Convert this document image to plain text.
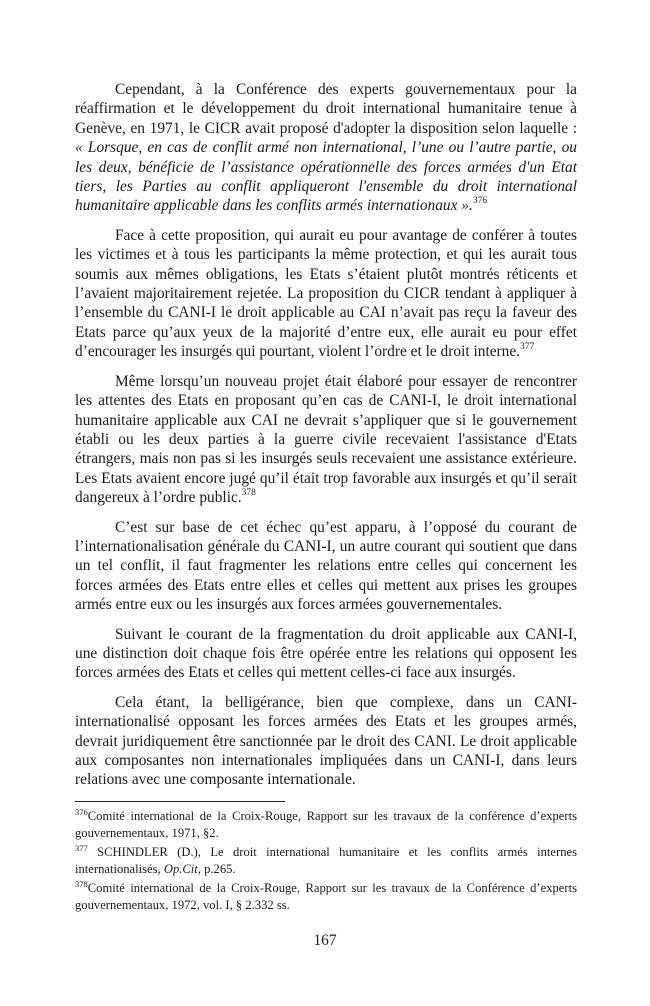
Cependant, à la Conférence des experts gouvernementaux pour la réaffirmation et le développement du droit international humanitaire tenue à Genève, en 1971, le CICR avait proposé d'adopter la disposition selon laquelle : « Lorsque, en cas de conflit armé non international, l’une ou l’autre partie, ou les deux, bénéficie de l’assistance opérationnelle des forces armées d'un Etat tiers, les Parties au conflit appliqueront l'ensemble du droit international humanitaire applicable dans les conflits armés internationaux ».$^{376}$

Face à cette proposition, qui aurait eu pour avantage de conférer à toutes les victimes et à tous les participants la même protection, et qui les aurait tous soumis aux mêmes obligations, les Etats s’étaient plutôt montrés réticents et l’avaient majoritairement rejetée. La proposition du CICR tendant à appliquer à l’ensemble du CANI-I le droit applicable au CAI n’avait pas reçu la faveur des Etats parce qu’aux yeux de la majorité d’entre eux, elle aurait eu pour effet d’encourager les insurgés qui pourtant, violent l’ordre et le droit interne.$^{377}$

Même lorsqu’un nouveau projet était élaboré pour essayer de rencontrer les attentes des Etats en proposant qu’en cas de CANI-I, le droit international humanitaire applicable aux CAI ne devrait s’appliquer que si le gouvernement établi ou les deux parties à la guerre civile recevaient l'assistance d'Etats étrangers, mais non pas si les insurgés seuls recevaient une assistance extérieure. Les Etats avaient encore jugé qu’il était trop favorable aux insurgés et qu’il serait dangereux à l’ordre public.$^{378}$

C’est sur base de cet échec qu’est apparu, à l’opposé du courant de l’internationalisation générale du CANI-I, un autre courant qui soutient que dans un tel conflit, il faut fragmenter les relations entre celles qui concernent les forces armées des Etats entre elles et celles qui mettent aux prises les groupes armés entre eux ou les insurgés aux forces armées gouvernementales.

Suivant le courant de la fragmentation du droit applicable aux CANI-I, une distinction doit chaque fois être opérée entre les relations qui opposent les forces armées des Etats et celles qui mettent celles-ci face aux insurgés.

Cela étant, la belligérance, bien que complexe, dans un CANI-internationalisé opposant les forces armées des Etats et les groupes armés, devrait juridiquement être sanctionnée par le droit des CANI. Le droit applicable aux composantes non internationales impliquées dans un CANI-I, dans leurs relations avec une composante internationale.

$^{376}$Comité international de la Croix-Rouge, Rapport sur les travaux de la conférence d’experts gouvernementaux, 1971, §2.

$^{377}$ SCHINDLER (D.), Le droit international humanitaire et les conflits armés internes internationalisés, Op.Cit, p.265.

$^{378}$Comité international de la Croix-Rouge, Rapport sur les travaux de la Conférence d’experts gouvernementaux, 1972, vol. I, § 2.332 ss.

167
